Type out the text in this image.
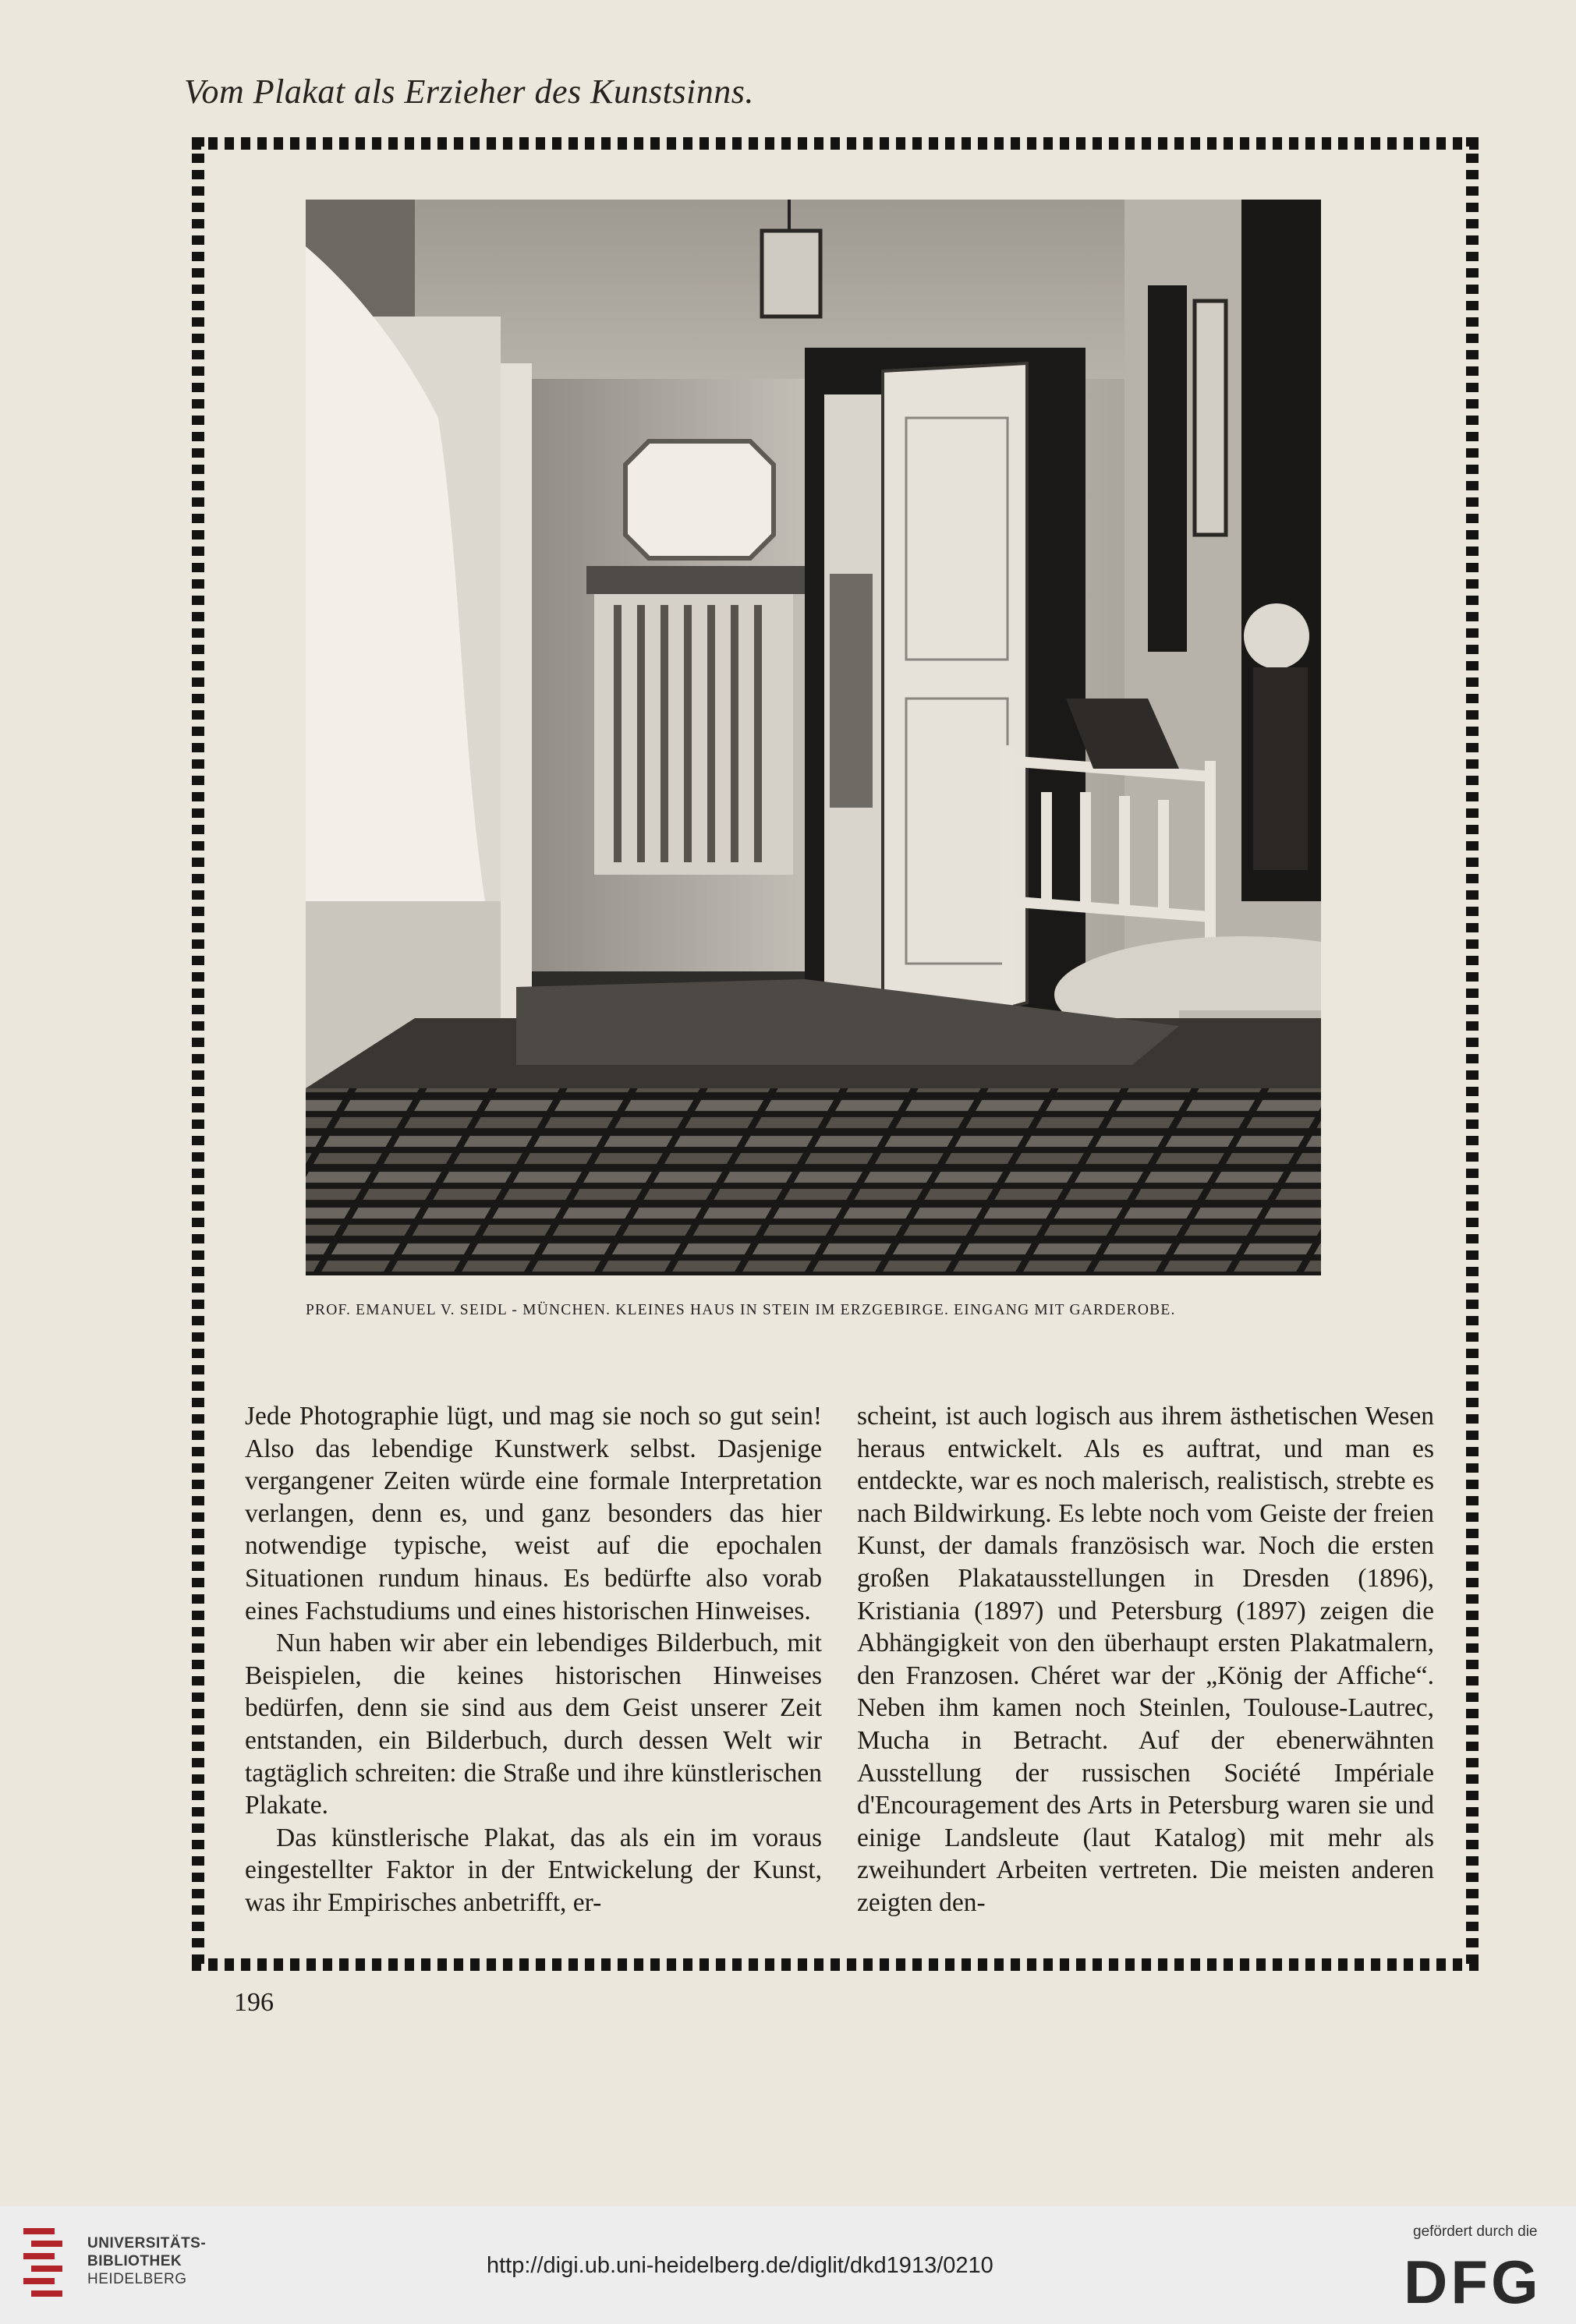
Vom Plakat als Erzieher des Kunstsinns.
PROF. EMANUEL V. SEIDL - MÜNCHEN. KLEINES HAUS IN STEIN IM ERZGEBIRGE. EINGANG MIT GARDEROBE.

Jede Photographie lügt, und mag sie noch so gut sein! Also das lebendige Kunstwerk selbst. Dasjenige vergangener Zeiten würde eine formale Interpretation verlangen, denn es, und ganz besonders das hier notwendige typische, weist auf die epochalen Situationen rundum hinaus. Es bedürfte also vorab eines Fachstudiums und eines historischen Hinweises.

Nun haben wir aber ein lebendiges Bilderbuch, mit Beispielen, die keines historischen Hinweises bedürfen, denn sie sind aus dem Geist unserer Zeit entstanden, ein Bilderbuch, durch dessen Welt wir tagtäglich schreiten: die Straße und ihre künstlerischen Plakate.

Das künstlerische Plakat, das als ein im voraus eingestellter Faktor in der Entwickelung der Kunst, was ihr Empirisches anbetrifft, er-

scheint, ist auch logisch aus ihrem ästhetischen Wesen heraus entwickelt. Als es auftrat, und man es entdeckte, war es noch malerisch, realistisch, strebte es nach Bildwirkung. Es lebte noch vom Geiste der freien Kunst, der damals französisch war. Noch die ersten großen Plakatausstellungen in Dresden (1896), Kristiania (1897) und Petersburg (1897) zeigen die Abhängigkeit von den überhaupt ersten Plakatmalern, den Franzosen. Chéret war der „König der Affiche“. Neben ihm kamen noch Steinlen, Toulouse-Lautrec, Mucha in Betracht. Auf der ebenerwähnten Ausstellung der russischen Société Impériale d'Encouragement des Arts in Petersburg waren sie und einige Landsleute (laut Katalog) mit mehr als zweihundert Arbeiten vertreten. Die meisten anderen zeigten den-

196
UNIVERSITÄTS-
BIBLIOTHEK
HEIDELBERG
http://digi.ub.uni-heidelberg.de/diglit/dkd1913/0210
gefördert durch die
DFG
